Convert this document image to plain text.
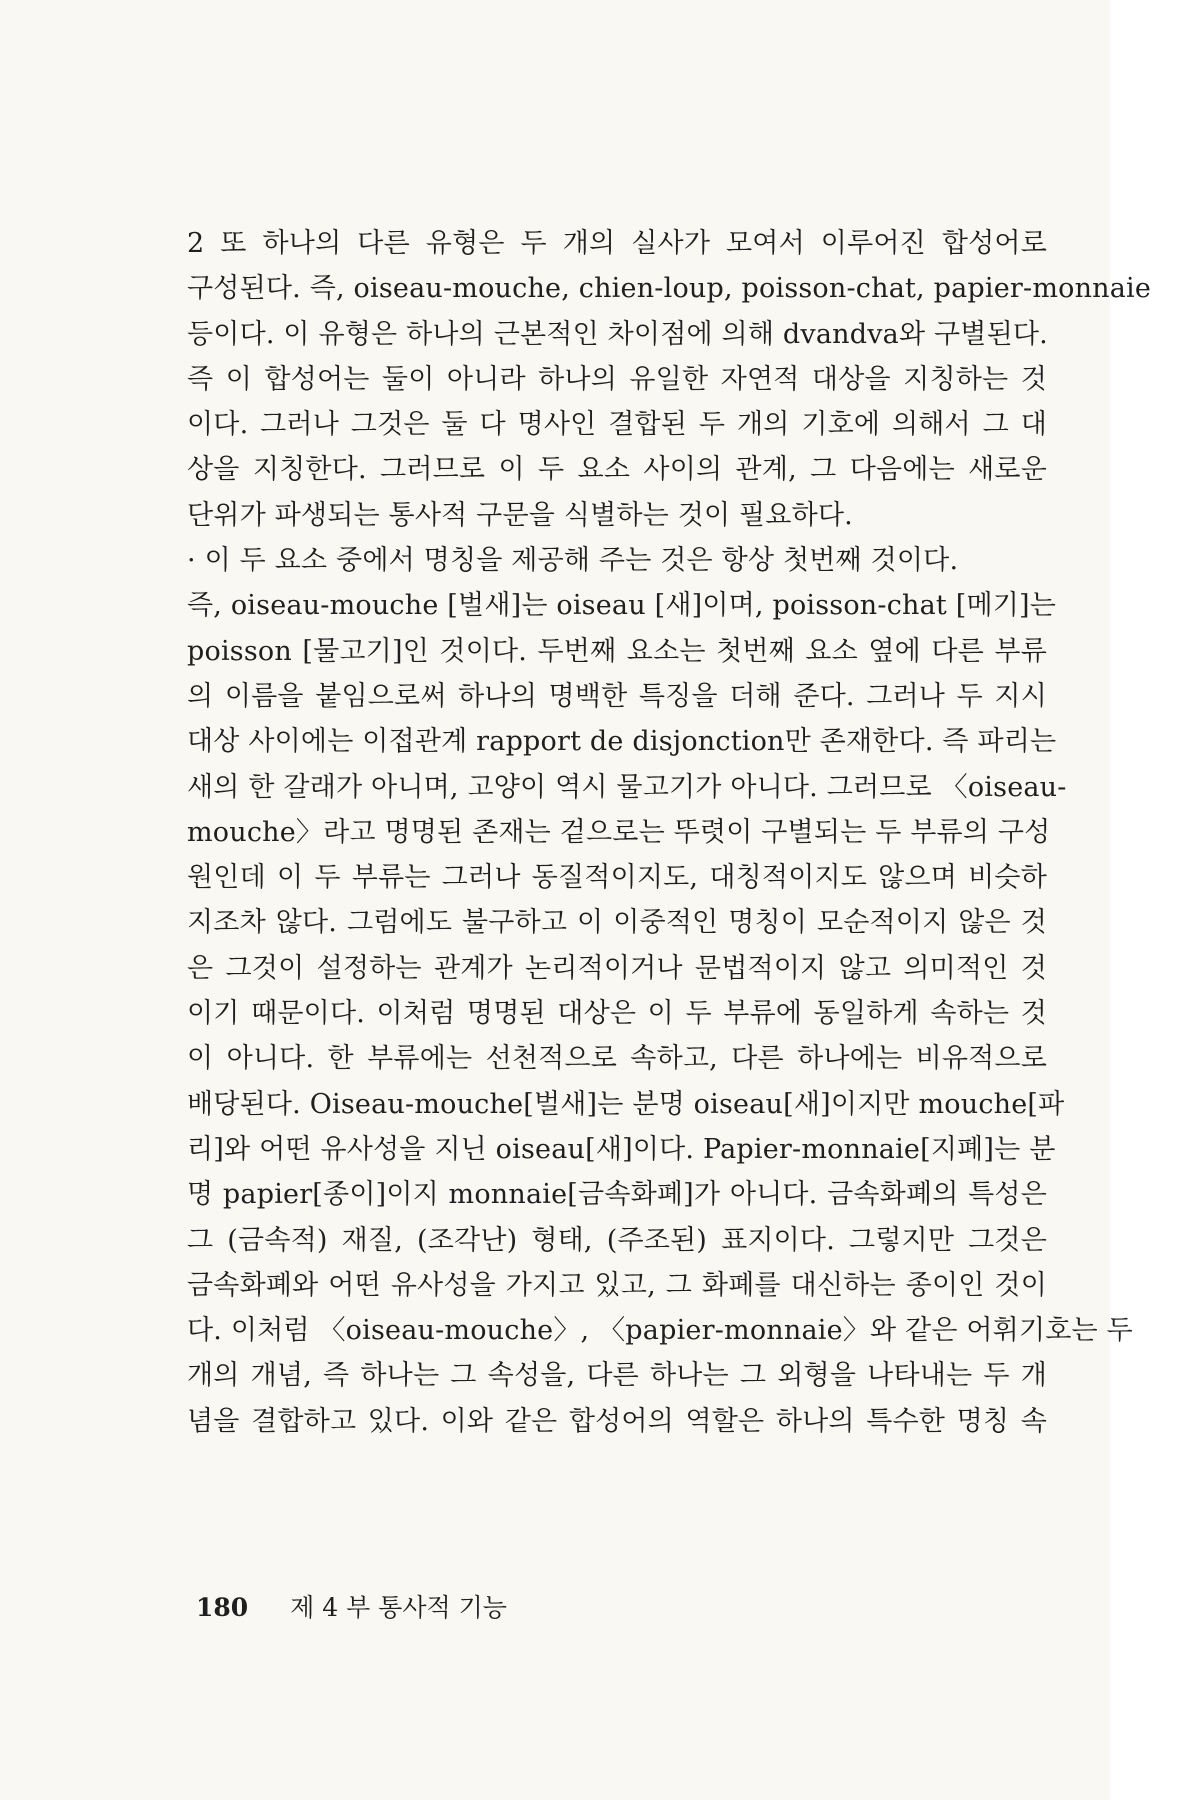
2 또 하나의 다른 유형은 두 개의 실사가 모여서 이루어진 합성어로
구성된다. 즉, oiseau-mouche, chien-loup, poisson-chat, papier-monnaie
등이다. 이 유형은 하나의 근본적인 차이점에 의해 dvandva와 구별된다.
즉 이 합성어는 둘이 아니라 하나의 유일한 자연적 대상을 지칭하는 것
이다. 그러나 그것은 둘 다 명사인 결합된 두 개의 기호에 의해서 그 대
상을 지칭한다. 그러므로 이 두 요소 사이의 관계, 그 다음에는 새로운
단위가 파생되는 통사적 구문을 식별하는 것이 필요하다.
· 이 두 요소 중에서 명칭을 제공해 주는 것은 항상 첫번째 것이다.
즉, oiseau-mouche [벌새]는 oiseau [새]이며, poisson-chat [메기]는
poisson [물고기]인 것이다. 두번째 요소는 첫번째 요소 옆에 다른 부류
의 이름을 붙임으로써 하나의 명백한 특징을 더해 준다. 그러나 두 지시
대상 사이에는 이접관계 rapport de disjonction만 존재한다. 즉 파리는
새의 한 갈래가 아니며, 고양이 역시 물고기가 아니다. 그러므로 〈oiseau-
mouche〉라고 명명된 존재는 겉으로는 뚜렷이 구별되는 두 부류의 구성
원인데 이 두 부류는 그러나 동질적이지도, 대칭적이지도 않으며 비슷하
지조차 않다. 그럼에도 불구하고 이 이중적인 명칭이 모순적이지 않은 것
은 그것이 설정하는 관계가 논리적이거나 문법적이지 않고 의미적인 것
이기 때문이다. 이처럼 명명된 대상은 이 두 부류에 동일하게 속하는 것
이 아니다. 한 부류에는 선천적으로 속하고, 다른 하나에는 비유적으로
배당된다. Oiseau-mouche[벌새]는 분명 oiseau[새]이지만 mouche[파
리]와 어떤 유사성을 지닌 oiseau[새]이다. Papier-monnaie[지폐]는 분
명 papier[종이]이지 monnaie[금속화폐]가 아니다. 금속화폐의 특성은
그 (금속적) 재질, (조각난) 형태, (주조된) 표지이다. 그렇지만 그것은
금속화폐와 어떤 유사성을 가지고 있고, 그 화폐를 대신하는 종이인 것이
다. 이처럼 〈oiseau-mouche〉, 〈papier-monnaie〉와 같은 어휘기호는 두
개의 개념, 즉 하나는 그 속성을, 다른 하나는 그 외형을 나타내는 두 개
념을 결합하고 있다. 이와 같은 합성어의 역할은 하나의 특수한 명칭 속
180 제 4 부 통사적 기능
